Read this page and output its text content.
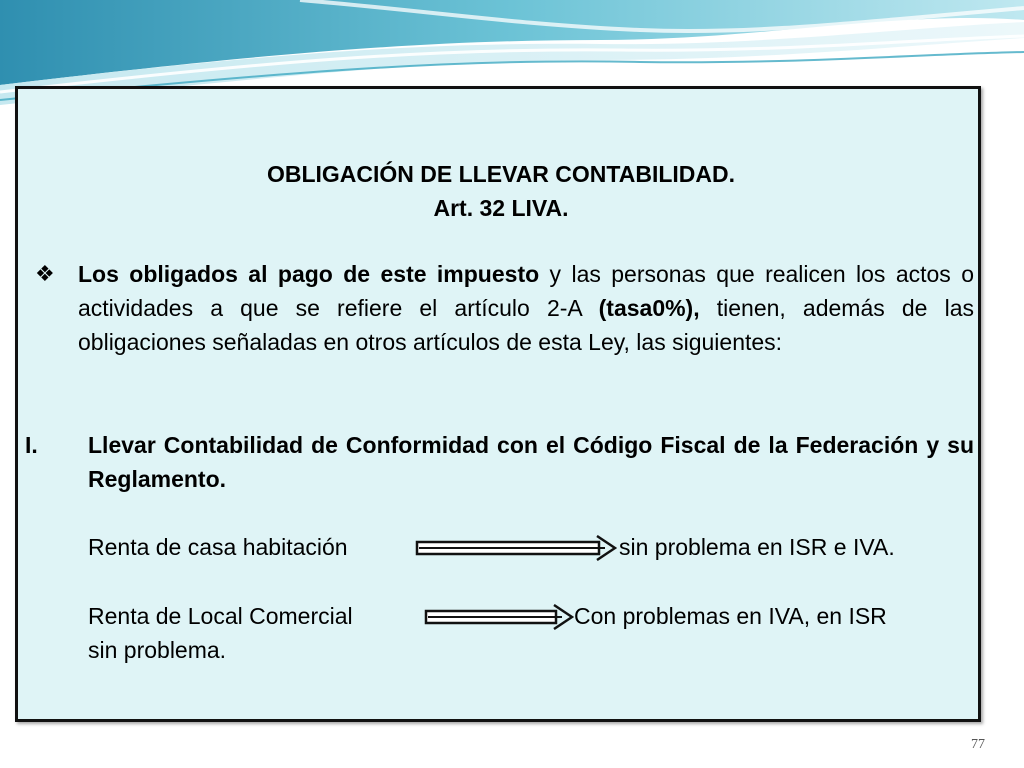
OBLIGACIÓN DE LLEVAR CONTABILIDAD.
Art. 32 LIVA.
❖ Los obligados al pago de este impuesto y las personas que realicen los actos o actividades a que se refiere el artículo 2-A (tasa0%), tienen, además de las obligaciones señaladas en otros artículos de esta Ley, las siguientes:
I. Llevar Contabilidad de Conformidad con el Código Fiscal de la Federación y su Reglamento.
Renta de casa habitación	sin problema en ISR e IVA.
Renta de Local Comercial	Con problemas en IVA, en ISR
sin problema.
77
